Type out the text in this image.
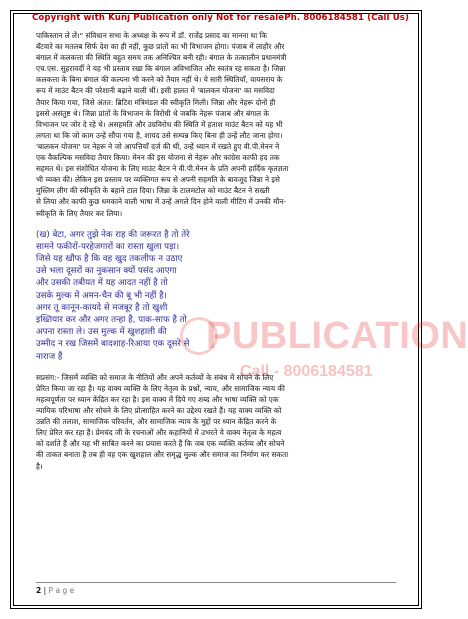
Copyright with Kunj Publication only Not for resale Ph. 8006184581 (Call Us)
PUBLICATION
Call - 8006184581

पाकिस्तान ले लें।" संविधान सभा के अध्यक्ष के रूप में डॉ. राजेंद्र प्रसाद का मानना था कि

बँटवारे का मतलब सिर्फ देश का ही नहीं, कुछ प्रांतों का भी विभाजन होगा। पंजाब में लाहौर और

बंगाल में कलकत्ता की स्थिति बहुत समय तक अनिश्चित बनी रही। बंगाल के तत्कालीन प्रधानमंत्री

एच.एस. सुहरावर्दी ने यह भी प्रस्ताव रखा कि बंगाल अविभाजित और स्वतंत्र रह सकता है। जिन्ना

कलकत्ता के बिना बंगाल की कल्पना भी करने को तैयार नहीं थे। ये सारी स्थितियाँ, वायसराय के

रूप में माउंट बैटन की परेशानी बढ़ाने वाली थीं। इसी हालत में 'बालकन योजना' का मसविदा

तैयार किया गया, जिसे अंतत: ब्रिटिश मंत्रिमंडल की स्वीकृति मिली। जिन्ना और नेहरू दोनों ही

इससे असंतुष्ट थे। जिन्ना प्रांतों के विभाजन के विरोधी थे जबकि नेहरू पंजाब और बंगाल के

विभाजन पर जोर दे रहे थे। असहमति और उग्रविरोध की स्थिति में हताश माउंट बैटन को यह भी

लगता था कि जो काम उन्हें सौंपा गया है, शायद उसे सम्पन्न किए बिना ही उन्हें लौट जाना होगा।

'बालकन योजना' पर नेहरू ने जो आपत्तियाँ दर्ज की थीं, उन्हें ध्यान में रखते हुए वी.पी.मेनन ने

एक वैकल्पिक मसविदा तैयार किया। मेनन की इस योजना से नेहरू और कांग्रेस काफी हद तक

सहमत थे। इस संशोधित योजना के लिए माउंट बैटन ने वी.पी.मेनन के प्रति अपनी हार्दिक कृतज्ञता

भी व्यक्त की। लेकिन इस प्रस्ताव पर व्यक्तिगत रूप से अपनी सहमति के बावजूद जिन्ना ने इसे

मुस्लिम लीग की स्वीकृति के बहाने टाल दिया। जिन्ना के टालमटोल को माउंट बैटन ने सख्ती

से लिया और काफी कुछ धमकाने वाली भाषा में उन्हें अगले दिन होने वाली मीटिंग में उनकी मौन-

स्वीकृति के लिए तैयार कर लिया।

(ख) बेटा, अगर तुझे नेक राह की जरूरत है तो तेरे

सामने फकीरों-परहेजगारों का रास्ता खुला पड़ा।

जिसे यह खौफ है कि वह खुद तकलीफ न उठाए

उसे भला दूसरों का नुकसान क्यों पसंद आएगा

और उसकी तबीयत में यह आदत नहीं है तो

उसके मुल्क में अमन-चैन की बू भी नहीं है।

अगर तू कानून-कायदे से मजबूर है तो खुशी

इख्तियार कर और अगर तन्हा है, पाक-साफ है तो

अपना रास्ता ले। उस मुल्क में खुशहाली की

उम्मीद न रख जिसमें बादशाह-रिआया एक दूसरे से

नाराज हैं

सप्रसंग:- जिसमें व्यक्ति को समाज के नीतियों और अपने कर्तव्यों के संबंध में सोचने के लिए

प्रेरित किया जा रहा है। यह वाक्य व्यक्ति के लिए नेतृत्व के प्रश्नों, न्याय, और सामाजिक न्याय की

महत्वपूर्णता पर ध्यान केंद्रित कर रहा है। इस वाक्य में दिये गए शब्द और भाषा व्यक्ति को एक

न्यायिक परिभाषा और सोचने के लिए प्रोत्साहित करने का उद्देश्य रखते हैं। यह वाक्य व्यक्ति को

उन्नति की तलाश, सामाजिक परिवर्तन, और सामाजिक न्याय के मुद्दों पर ध्यान केंद्रित करने के

लिए प्रेरित कर रहा है। प्रेमचंद जी के रचनाओं और कहानियों में उभरते ये वाक्य नेतृत्व के महत्व

को दर्शाते हैं और यह भी साबित करने का प्रयास करते हैं कि जब एक व्यक्ति कर्तव्य और सोचने

की ताकत बनाता है तब ही वह एक खुशहाल और समृद्ध मुल्क और समाज का निर्माण कर सकता

है।

2 | P a g e
